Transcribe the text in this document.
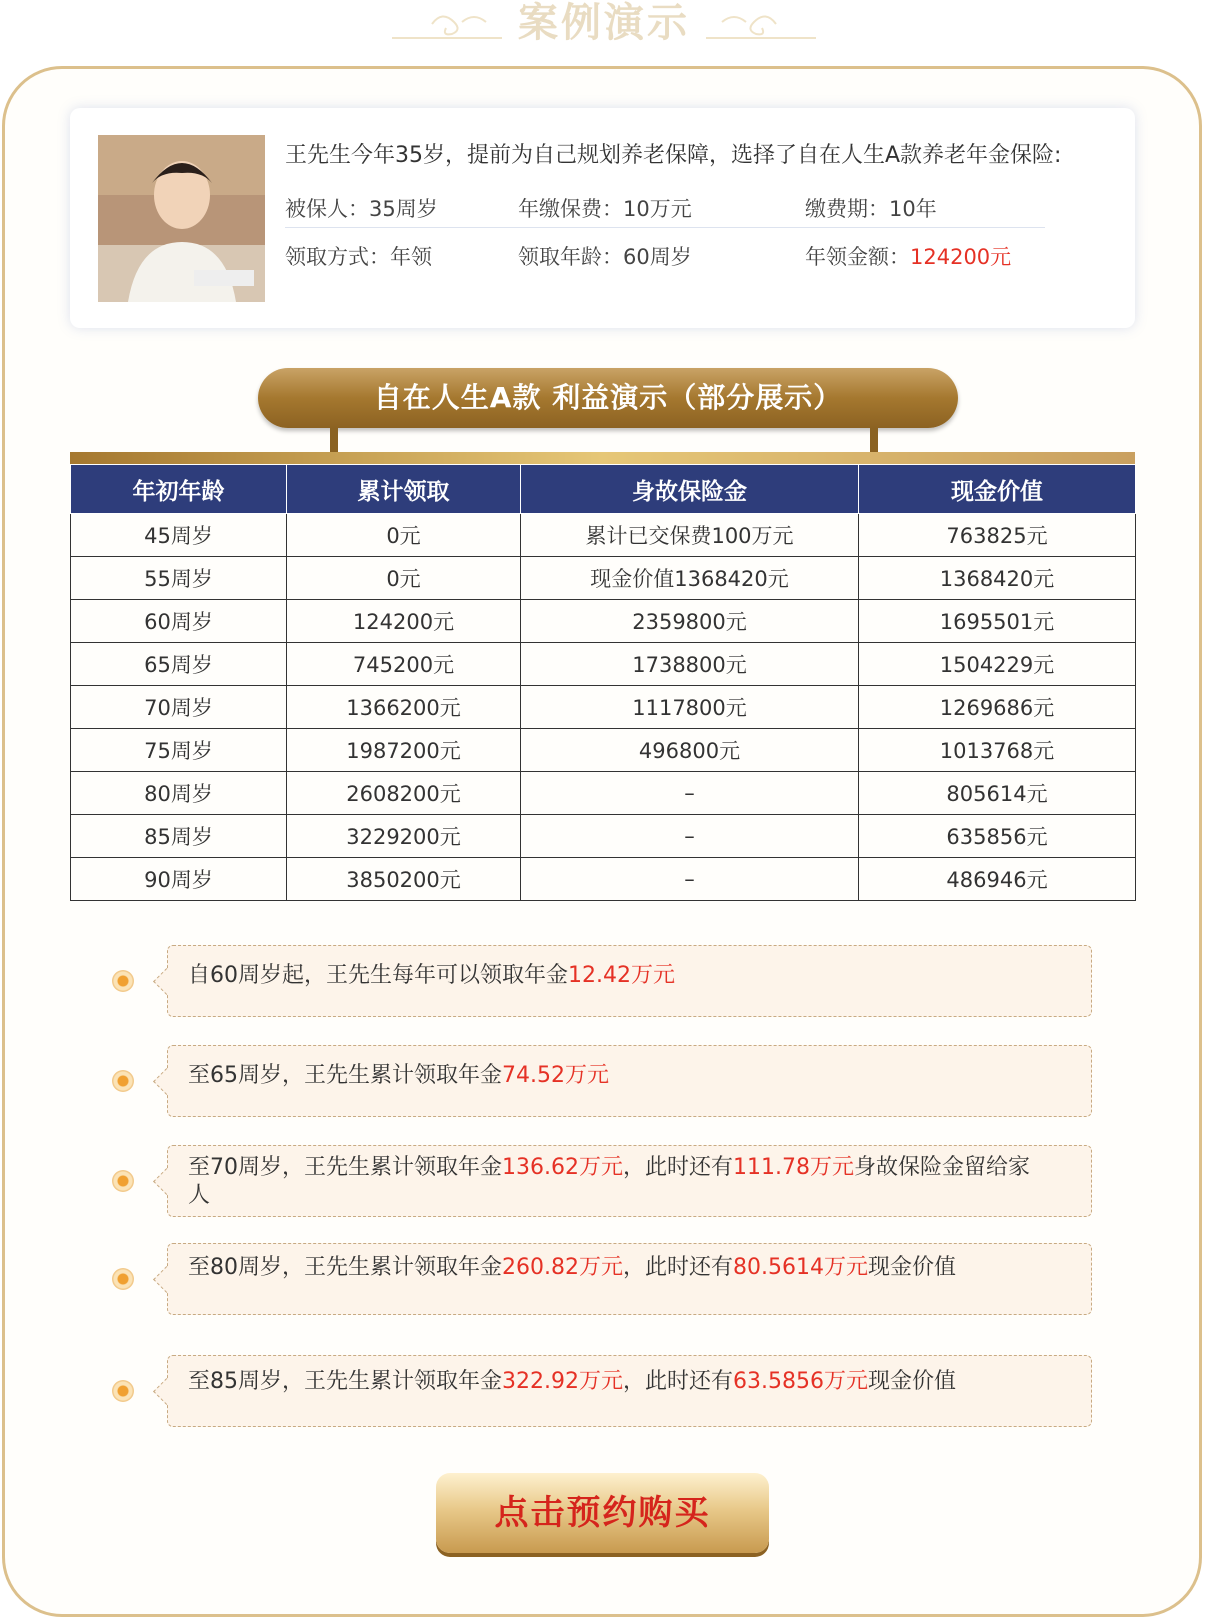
案例演示
王先生今年35岁，提前为自己规划养老保障，选择了自在人生A款养老年金保险:
被保人：35周岁	年缴保费：10万元	缴费期：10年
领取方式：年领	领取年龄：60周岁	年领金额：124200元
自在人生A款 利益演示（部分展示）
年初年龄	累计领取	身故保险金	现金价值
45周岁	0元	累计已交保费100万元	763825元
55周岁	0元	现金价值1368420元	1368420元
60周岁	124200元	2359800元	1695501元
65周岁	745200元	1738800元	1504229元
70周岁	1366200元	1117800元	1269686元
75周岁	1987200元	496800元	1013768元
80周岁	2608200元	–	805614元
85周岁	3229200元	–	635856元
90周岁	3850200元	–	486946元
自60周岁起，王先生每年可以领取年金12.42万元
至65周岁，王先生累计领取年金74.52万元
至70周岁，王先生累计领取年金136.62万元，此时还有111.78万元身故保险金留给家人
至80周岁，王先生累计领取年金260.82万元，此时还有80.5614万元现金价值
至85周岁，王先生累计领取年金322.92万元，此时还有63.5856万元现金价值
点击预约购买
